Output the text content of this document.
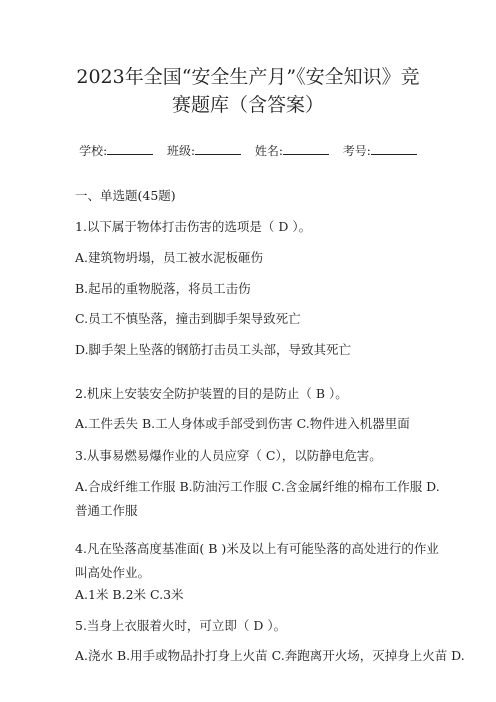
2023年全国“安全生产月”《安全知识》竞
赛题库（含答案）
学校:	班级:	姓名:	考号:
一、单选题(45题)
1.以下属于物体打击伤害的选项是（ D ）。
A.建筑物坍塌，员工被水泥板砸伤
B.起吊的重物脱落，将员工击伤
C.员工不慎坠落，撞击到脚手架导致死亡
D.脚手架上坠落的钢筋打击员工头部，导致其死亡
2.机床上安装安全防护装置的目的是防止（ B ）。
A.工件丢失 B.工人身体或手部受到伤害 C.物件进入机器里面
3.从事易燃易爆作业的人员应穿（ C），以防静电危害。
A.合成纤维工作服 B.防油污工作服 C.含金属纤维的棉布工作服 D.普通工作服
4.凡在坠落高度基准面( B )米及以上有可能坠落的高处进行的作业叫高处作业。
A.1米 B.2米 C.3米
5.当身上衣服着火时，可立即（ D ）。
A.浇水 B.用手或物品扑打身上火苗 C.奔跑离开火场，灭掉身上火苗 D.
